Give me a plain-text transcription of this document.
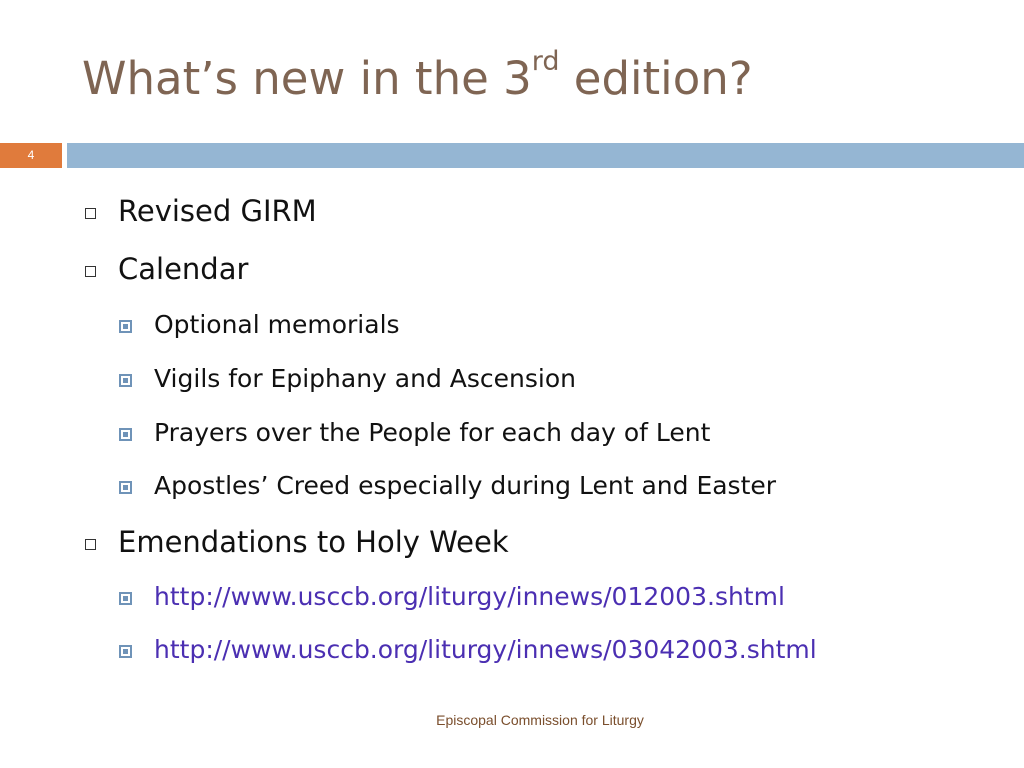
What’s new in the 3rd edition?
4
Revised GIRM
Calendar
Optional memorials
Vigils for Epiphany and Ascension
Prayers over the People for each day of Lent
Apostles’ Creed especially during Lent and Easter
Emendations to Holy Week
http://www.usccb.org/liturgy/innews/012003.shtml
http://www.usccb.org/liturgy/innews/03042003.shtml
Episcopal Commission for Liturgy
